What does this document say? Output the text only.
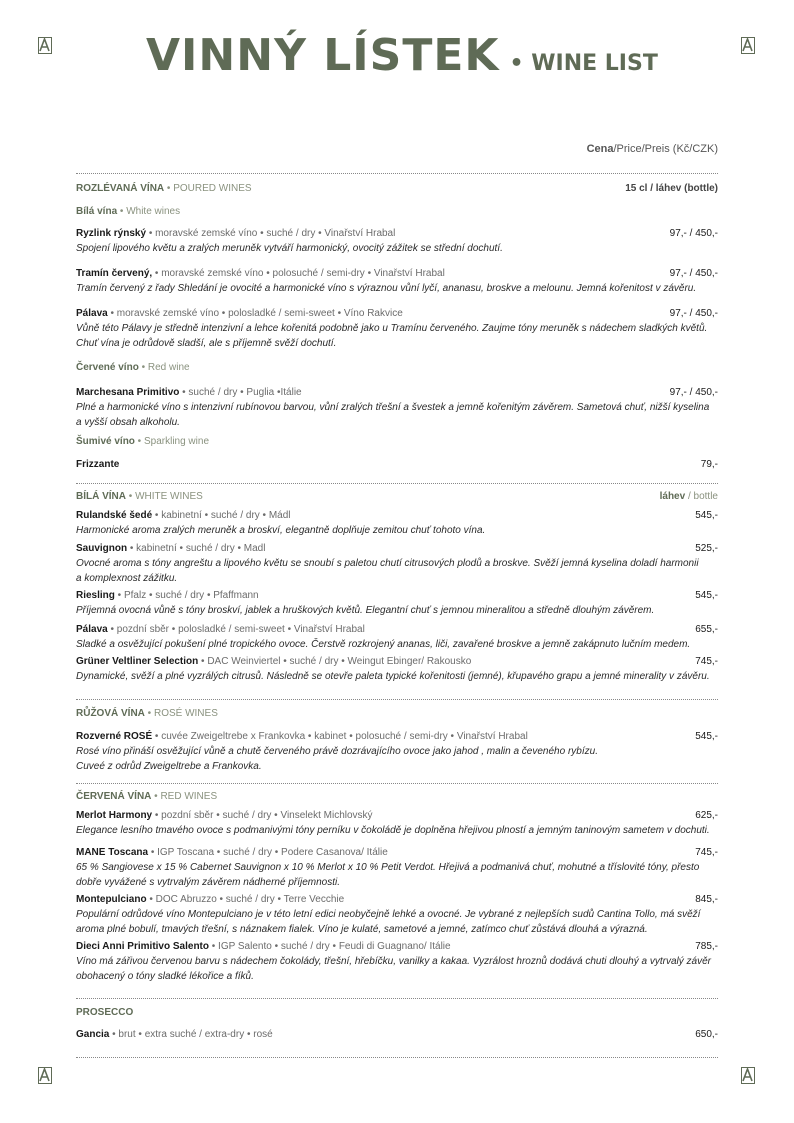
VINNÝ LÍSTEK • WINE LIST
Cena/Price/Preis (Kč/CZK)
ROZLÉVANÁ VÍNA • POURED WINES	15 cl / láhev (bottle)
Bílá vína • White wines
Ryzlink rýnský • moravské zemské víno • suché / dry • Vinařství Hrabal	97,- / 450,-
Spojení lipového květu a zralých meruněk vytváří harmonický, ovocitý zážitek se střední dochutí.
Tramín červený, • moravské zemské víno • polosuché / semi-dry • Vinařství Hrabal	97,- / 450,-
Tramín červený z řady Shledání je ovocité a harmonické víno s výraznou vůní lyčí, ananasu, broskve a melounu. Jemná kořenitost v závěru.
Pálava • moravské zemské víno • polosladké / semi-sweet • Víno Rakvice	97,- / 450,-
Vůně této Pálavy je středně intenzivní a lehce kořenitá podobně jako u Tramínu červeného. Zaujme tóny meruněk s nádechem sladkých květů.
Chuť vína je odrůdově sladší, ale s příjemně svěží dochutí.
Červené víno • Red wine
Marchesana Primitivo • suché / dry • Puglia •Itálie	97,- / 450,-
Plné a harmonické víno s intenzivní rubínovou barvou, vůní zralých třešní a švestek a jemně kořenitým závěrem. Sametová chuť, nižší kyselina
a vyšší obsah alkoholu.
Šumivé víno • Sparkling wine
Frizzante	79,-
BÍLÁ VÍNA • WHITE WINES	láhev / bottle
Rulandské šedé • kabinetní • suché / dry • Mádl	545,-
Harmonické aroma zralých meruněk a broskví, elegantně doplňuje zemitou chuť tohoto vína.
Sauvignon • kabinetní • suché / dry • Madl	525,-
Ovocné aroma s tóny angreštu a lipového květu se snoubí s paletou chutí citrusových plodů a broskve. Svěží jemná kyselina doladí harmonii
a komplexnost zážitku.
Riesling • Pfalz • suché / dry • Pfaffmann	545,-
Příjemná ovocná vůně s tóny broskví, jablek a hruškových květů. Elegantní chuť s jemnou mineralitou a středně dlouhým závěrem.
Pálava • pozdní sběr • polosladké / semi-sweet • Vinařství Hrabal	655,-
Sladké a osvěžující pokušení plné tropického ovoce. Čerstvě rozkrojený ananas, liči, zavařené broskve a jemně zakápnuto lučním medem.
Grüner Veltliner Selection • DAC Weinviertel • suché / dry • Weingut Ebinger/ Rakousko	745,-
Dynamické, svěží a plné vyzrálých citrusů. Následně se otevře paleta typické kořenitosti (jemné), křupavého grapu a jemné minerality v závěru.
RŮŽOVÁ VÍNA • ROSÉ WINES
Rozverné ROSÉ • cuvée Zweigeltrebe x Frankovka • kabinet • polosuché / semi-dry • Vinařství Hrabal	545,-
Rosé víno přináší osvěžující vůně a chutě červeného právě dozrávajícího ovoce jako jahod , malin a čeveného rybízu.
Cuveé z odrůd Zweigeltrebe a Frankovka.
ČERVENÁ VÍNA • RED WINES
Merlot Harmony • pozdní sběr • suché / dry • Vinselekt Michlovský	625,-
Elegance lesního tmavého ovoce s podmanivými tóny perníku v čokoládě je doplněna hřejivou plností a jemným taninovým sametem v dochuti.
MANE Toscana • IGP Toscana • suché / dry • Podere Casanova/ Itálie	745,-
65 % Sangiovese x 15 % Cabernet Sauvignon x 10 % Merlot x 10 % Petit Verdot. Hřejivá a podmanivá chuť, mohutné a tříslovité tóny, přesto
dobře vyvážené s vytrvalým závěrem nádherné příjemnosti.
Montepulciano • DOC Abruzzo • suché / dry • Terre Vecchie	845,-
Populární odrůdové víno Montepulciano je v této letní edici neobyčejně lehké a ovocné. Je vybrané z nejlepších sudů Cantina Tollo, má svěží
aroma plné bobulí, tmavých třešní, s náznakem fialek. Víno je kulaté, sametové a jemné, zatímco chuť zůstává dlouhá a výrazná.
Dieci Anni Primitivo Salento • IGP Salento • suché / dry • Feudi di Guagnano/ Itálie	785,-
Víno má zářivou červenou barvu s nádechem čokolády, třešní, hřebíčku, vanilky a kakaa. Vyzrálost hroznů dodává chuti dlouhý a vytrvalý závěr
obohacený o tóny sladké lékořice a fíků.
PROSECCO
Gancia • brut • extra suché / extra-dry • rosé	650,-
